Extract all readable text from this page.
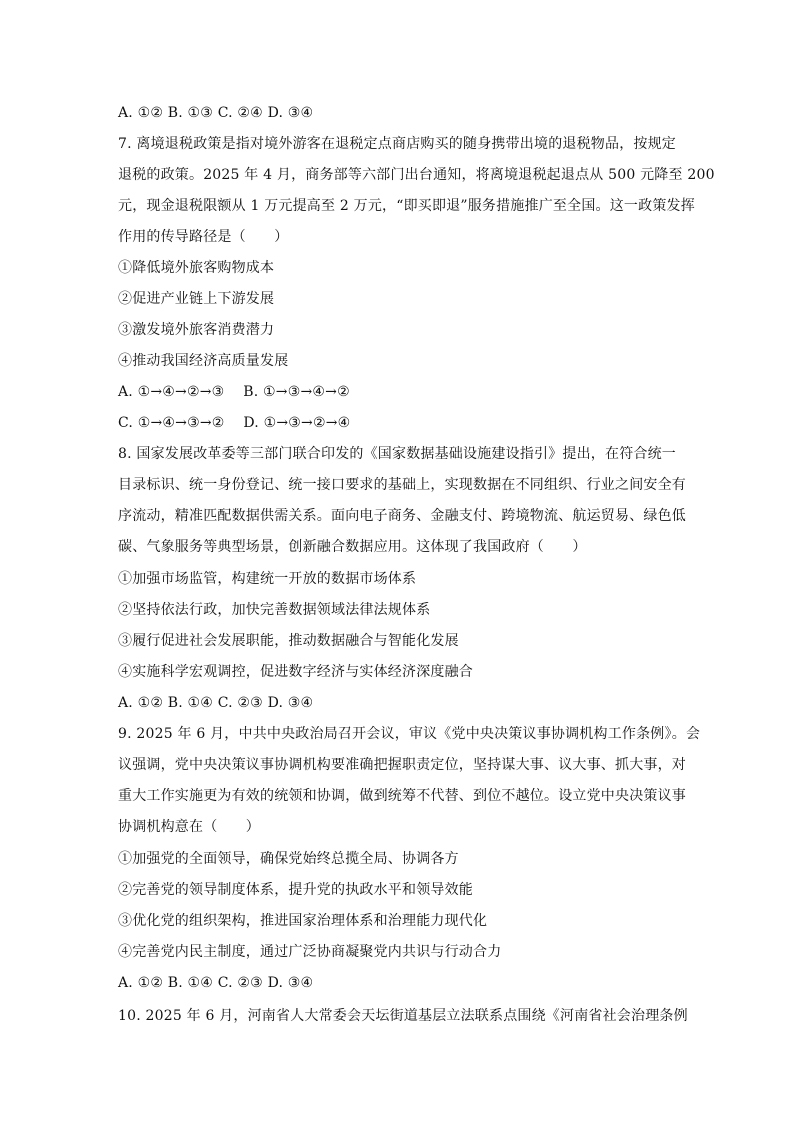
A. ①② B. ①③ C. ②④ D. ③④
7. 离境退税政策是指对境外游客在退税定点商店购买的随身携带出境的退税物品，按规定
退税的政策。2025 年 4 月，商务部等六部门出台通知，将离境退税起退点从 500 元降至 200
元，现金退税限额从 1 万元提高至 2 万元，“即买即退”服务措施推广至全国。这一政策发挥
作用的传导路径是（　　）
①降低境外旅客购物成本
②促进产业链上下游发展
③激发境外旅客消费潜力
④推动我国经济高质量发展
A. ①→④→②→③　 B. ①→③→④→②
C. ①→④→③→②　 D. ①→③→②→④
8. 国家发展改革委等三部门联合印发的《国家数据基础设施建设指引》提出，在符合统一
目录标识、统一身份登记、统一接口要求的基础上，实现数据在不同组织、行业之间安全有
序流动，精准匹配数据供需关系。面向电子商务、金融支付、跨境物流、航运贸易、绿色低
碳、气象服务等典型场景，创新融合数据应用。这体现了我国政府（　　）
①加强市场监管，构建统一开放的数据市场体系
②坚持依法行政，加快完善数据领域法律法规体系
③履行促进社会发展职能，推动数据融合与智能化发展
④实施科学宏观调控，促进数字经济与实体经济深度融合
A. ①② B. ①④ C. ②③ D. ③④
9. 2025 年 6 月，中共中央政治局召开会议，审议《党中央决策议事协调机构工作条例》。会
议强调，党中央决策议事协调机构要准确把握职责定位，坚持谋大事、议大事、抓大事，对
重大工作实施更为有效的统领和协调，做到统筹不代替、到位不越位。设立党中央决策议事
协调机构意在（　　）
①加强党的全面领导，确保党始终总揽全局、协调各方
②完善党的领导制度体系，提升党的执政水平和领导效能
③优化党的组织架构，推进国家治理体系和治理能力现代化
④完善党内民主制度，通过广泛协商凝聚党内共识与行动合力
A. ①② B. ①④ C. ②③ D. ③④
10. 2025 年 6 月，河南省人大常委会天坛街道基层立法联系点围绕《河南省社会治理条例
